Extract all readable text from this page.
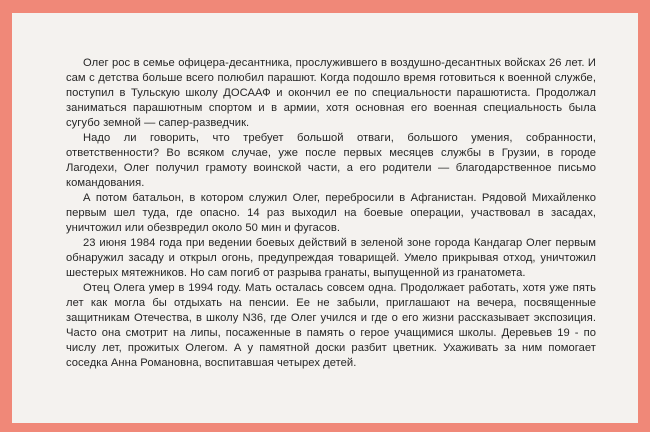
Олег рос в семье офицера-десантника, прослужившего в воздушно-десантных войсках 26 лет. И сам с детства больше всего полюбил парашют. Когда подошло время готовиться к военной службе, поступил в Тульскую школу ДОСААФ и окончил ее по специальности парашютиста. Продолжал заниматься парашютным спортом и в армии, хотя основная его военная специальность была сугубо земной — сапер-разведчик.

Надо ли говорить, что требует большой отваги, большого умения, собранности, ответственности? Во всяком случае, уже после первых месяцев службы в Грузии, в городе Лагодехи, Олег получил грамоту воинской части, а его родители — благодарственное письмо командования.

А потом батальон, в котором служил Олег, перебросили в Афганистан. Рядовой Михайленко первым шел туда, где опасно. 14 раз выходил на боевые операции, участвовал в засадах, уничтожил или обезвредил около 50 мин и фугасов.

23 июня 1984 года при ведении боевых действий в зеленой зоне города Кандагар Олег первым обнаружил засаду и открыл огонь, предупреждая товарищей. Умело прикрывая отход, уничтожил шестерых мятежников. Но сам погиб от разрыва гранаты, выпущенной из гранатомета.

Отец Олега умер в 1994 году. Мать осталась совсем одна. Продолжает работать, хотя уже пять лет как могла бы отдыхать на пенсии. Ее не забыли, приглашают на вечера, посвященные защитникам Отечества, в школу N36, где Олег учился и где о его жизни рассказывает экспозиция. Часто она смотрит на липы, посаженные в память о герое учащимися школы. Деревьев 19 - по числу лет, прожитых Олегом. А у памятной доски разбит цветник. Ухаживать за ним помогает соседка Анна Романовна, воспитавшая четырех детей.
